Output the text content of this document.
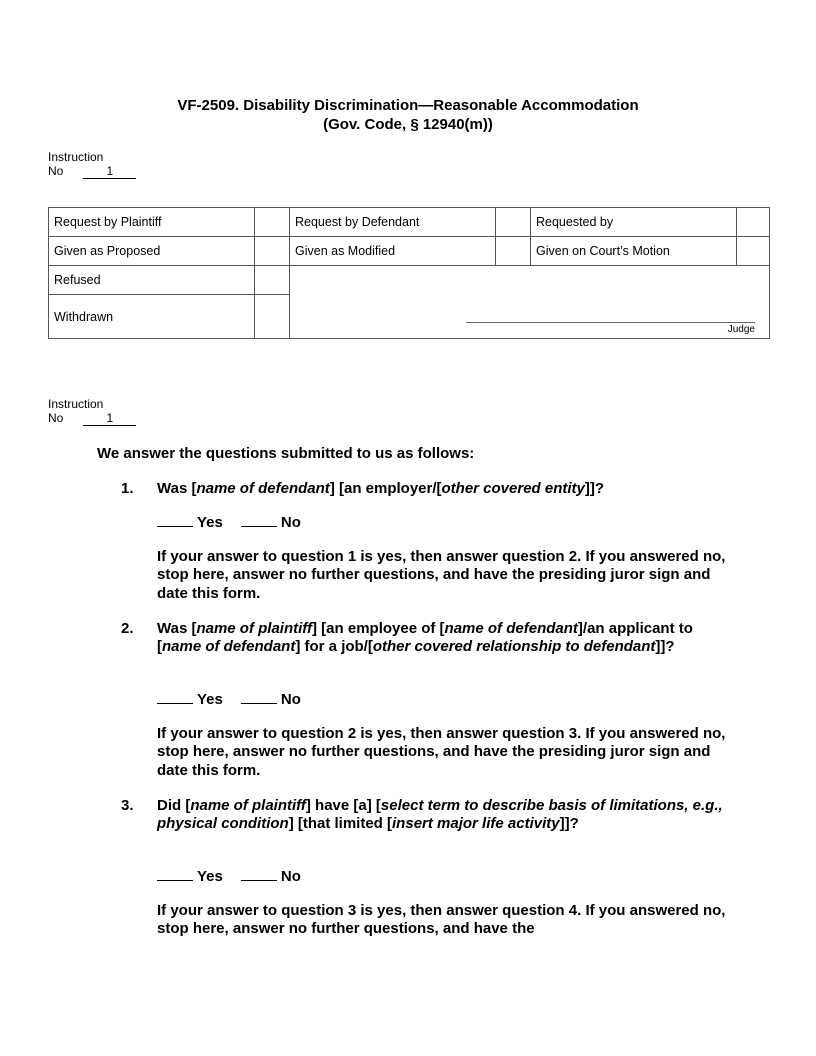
VF-2509. Disability Discrimination—Reasonable Accommodation
(Gov. Code, § 12940(m))
Instruction
No	1
Request by Plaintiff		Request by Defendant		Requested by	
Given as Proposed		Given as Modified		Given on Court’s Motion	
Refused		Judge			

Withdrawn					
Instruction
No	1
We answer the questions submitted to us as follows:
1. Was [name of defendant] [an employer/[other covered entity]]?
Yes	No
If your answer to question 1 is yes, then answer question 2. If you answered no, stop here, answer no further questions, and have the presiding juror sign and date this form.
2. Was [name of plaintiff] [an employee of [name of defendant]/an applicant to [name of defendant] for a job/[other covered relationship to defendant]]?
Yes	No
If your answer to question 2 is yes, then answer question 3. If you answered no, stop here, answer no further questions, and have the presiding juror sign and date this form.
3. Did [name of plaintiff] have [a] [select term to describe basis of limitations, e.g., physical condition] [that limited [insert major life activity]]?
Yes	No
If your answer to question 3 is yes, then answer question 4. If you answered no, stop here, answer no further questions, and have the
